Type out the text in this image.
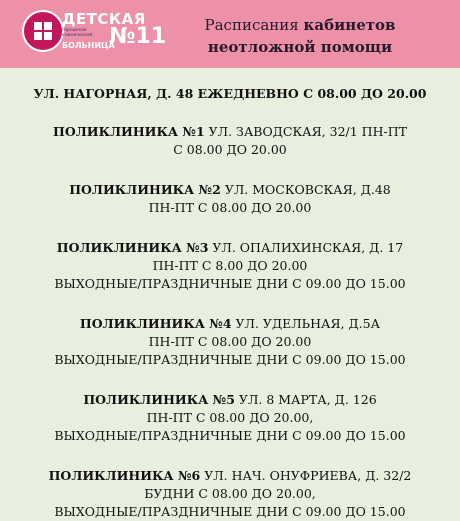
ДЕТСКАЯ
городская клиническая
БОЛЬНИЦА
№11	Расписания кабинетов
неотложной помощи
УЛ. НАГОРНАЯ, Д. 48 ЕЖЕДНЕВНО С 08.00 ДО 20.00
ПОЛИКЛИНИКА №1 УЛ. ЗАВОДСКАЯ, 32/1 ПН-ПТ
С 08.00 ДО 20.00
ПОЛИКЛИНИКА №2 УЛ. МОСКОВСКАЯ, Д.48
ПН-ПТ С 08.00 ДО 20.00
ПОЛИКЛИНИКА №3 УЛ. ОПАЛИХИНСКАЯ, Д. 17
ПН-ПТ С 8.00 ДО 20.00
ВЫХОДНЫЕ/ПРАЗДНИЧНЫЕ ДНИ С 09.00 ДО 15.00
ПОЛИКЛИНИКА №4 УЛ. УДЕЛЬНАЯ, Д.5А
ПН-ПТ С 08.00 ДО 20.00
ВЫХОДНЫЕ/ПРАЗДНИЧНЫЕ ДНИ С 09.00 ДО 15.00
ПОЛИКЛИНИКА №5 УЛ. 8 МАРТА, Д. 126
ПН-ПТ С 08.00 ДО 20.00,
ВЫХОДНЫЕ/ПРАЗДНИЧНЫЕ ДНИ С 09.00 ДО 15.00
ПОЛИКЛИНИКА №6 УЛ. НАЧ. ОНУФРИЕВА, Д. 32/2
БУДНИ С 08.00 ДО 20.00,
ВЫХОДНЫЕ/ПРАЗДНИЧНЫЕ ДНИ С 09.00 ДО 15.00
